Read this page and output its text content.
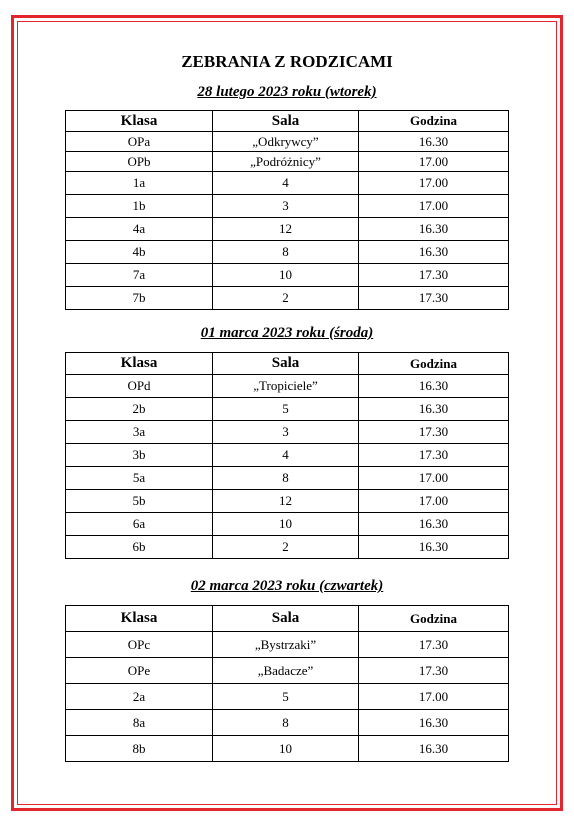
ZEBRANIA Z RODZICAMI
28 lutego 2023 roku (wtorek)
Klasa	Sala	Godzina
OPa	„Odkrywcy”	16.30
OPb	„Podróżnicy”	17.00
1a	4	17.00
1b	3	17.00
4a	12	16.30
4b	8	16.30
7a	10	17.30
7b	2	17.30
01 marca 2023 roku (środa)
Klasa	Sala	Godzina
OPd	„Tropiciele”	16.30
2b	5	16.30
3a	3	17.30
3b	4	17.30
5a	8	17.00
5b	12	17.00
6a	10	16.30
6b	2	16.30
02 marca 2023 roku (czwartek)
Klasa	Sala	Godzina
OPc	„Bystrzaki”	17.30
OPe	„Badacze”	17.30
2a	5	17.00
8a	8	16.30
8b	10	16.30
